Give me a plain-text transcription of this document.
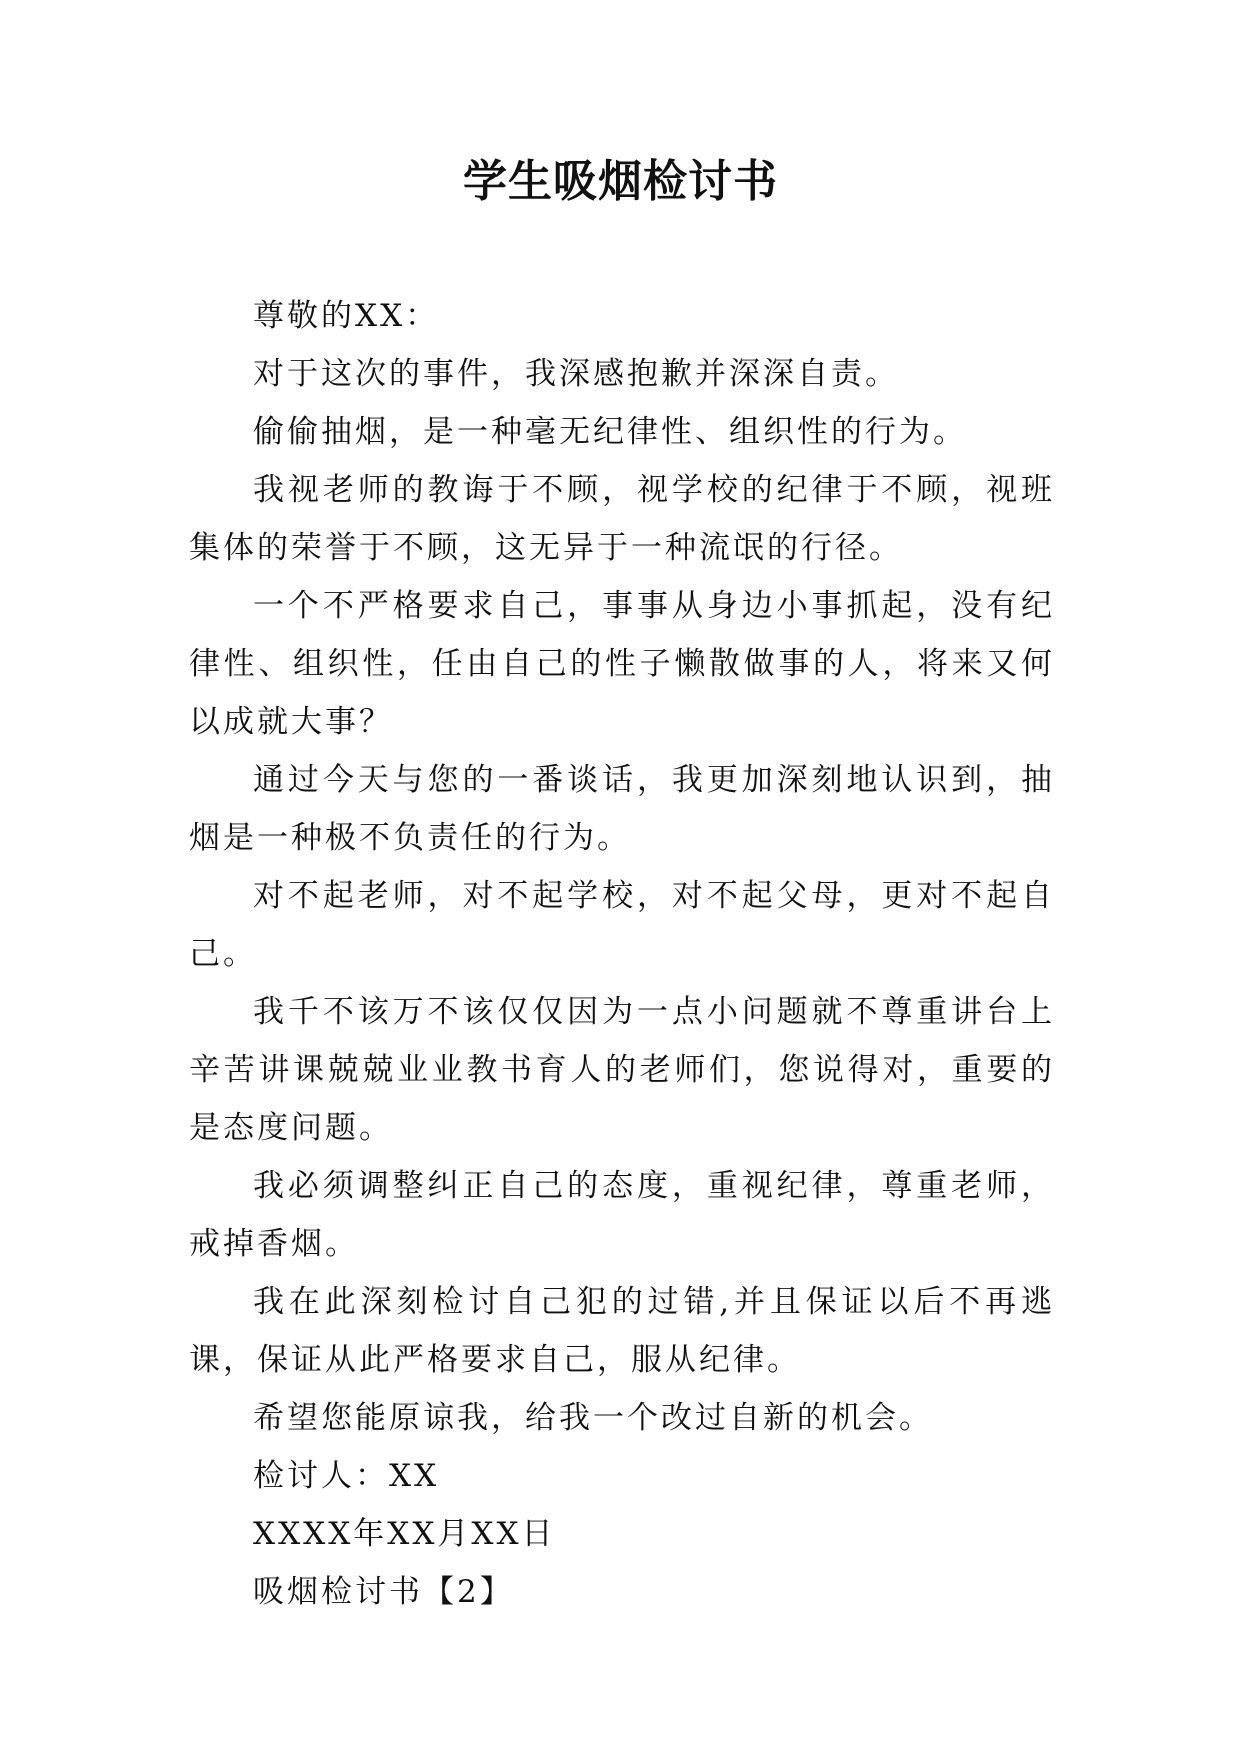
学生吸烟检讨书

尊敬的XX：

对于这次的事件，我深感抱歉并深深自责。

偷偷抽烟，是一种毫无纪律性、组织性的行为。

我视老师的教诲于不顾，视学校的纪律于不顾，视班集体的荣誉于不顾，这无异于一种流氓的行径。

一个不严格要求自己，事事从身边小事抓起，没有纪律性、组织性，任由自己的性子懒散做事的人，将来又何以成就大事？

通过今天与您的一番谈话，我更加深刻地认识到，抽烟是一种极不负责任的行为。

对不起老师，对不起学校，对不起父母，更对不起自己。

我千不该万不该仅仅因为一点小问题就不尊重讲台上辛苦讲课兢兢业业教书育人的老师们，您说得对，重要的是态度问题。

我必须调整纠正自己的态度，重视纪律，尊重老师，戒掉香烟。

我在此深刻检讨自己犯的过错,并且保证以后不再逃课，保证从此严格要求自己，服从纪律。

希望您能原谅我，给我一个改过自新的机会。

检讨人：XX

XXXX年XX月XX日

吸烟检讨书【2】
